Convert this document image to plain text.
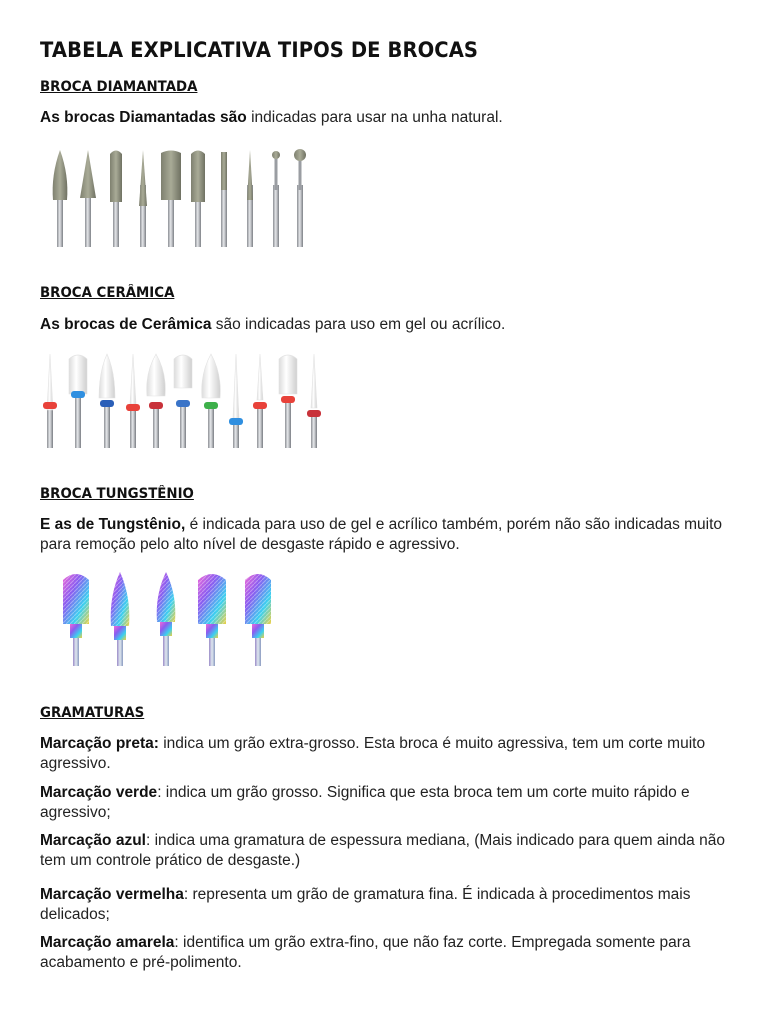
TABELA EXPLICATIVA TIPOS DE BROCAS
BROCA DIAMANTADA
As brocas Diamantadas são indicadas para usar na unha natural.
BROCA CERÂMICA
As brocas de Cerâmica são indicadas para uso em gel ou acrílico.
BROCA TUNGSTÊNIO
E as de Tungstênio, é indicada para uso de gel e acrílico também, porém não são indicadas muito para remoção pelo alto nível de desgaste rápido e agressivo.
GRAMATURAS
Marcação preta: indica um grão extra-grosso. Esta broca é muito agressiva, tem um corte muito agressivo.
Marcação verde: indica um grão grosso. Significa que esta broca tem um corte muito rápido e agressivo;
Marcação azul: indica uma gramatura de espessura mediana, (Mais indicado para quem ainda não tem um controle prático de desgaste.)
Marcação vermelha: representa um grão de gramatura fina. É indicada à procedimentos mais delicados;
Marcação amarela: identifica um grão extra-fino, que não faz corte. Empregada somente para acabamento e pré-polimento.
